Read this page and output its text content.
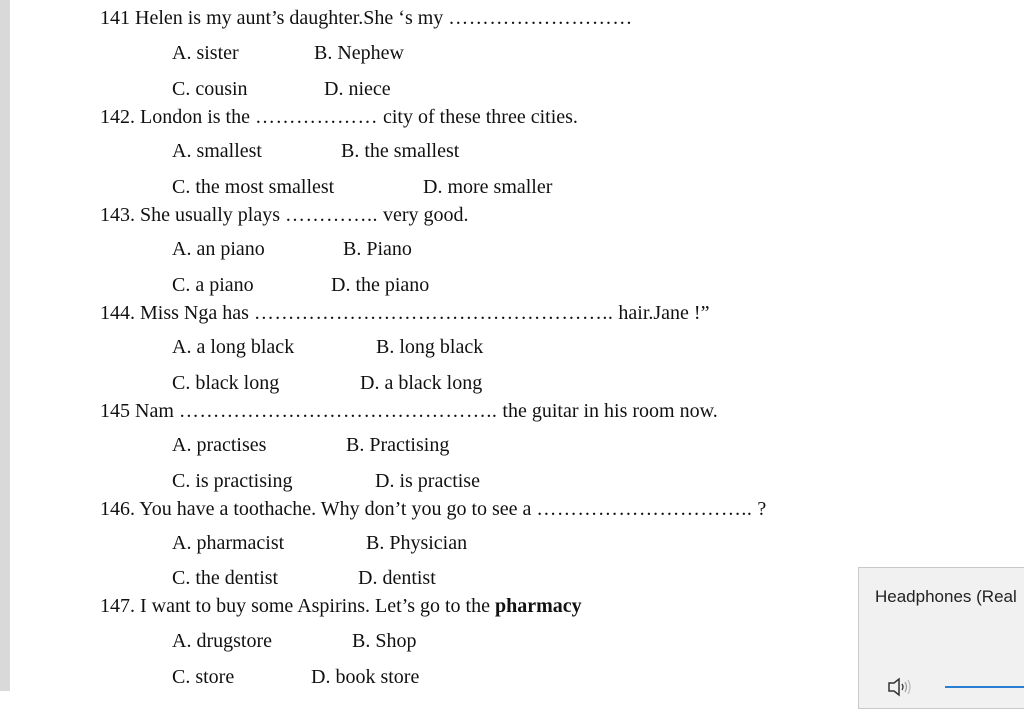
141 Helen is my aunt’s daughter.She ‘s my ………………………
A. sister	B. Nephew
C. cousin	D. niece
142. London is the ……………… city of these three cities.
A. smallest	B. the smallest
C. the most smallest	D. more smaller
143. She usually plays ………….. very good.
A. an piano	B. Piano
C. a piano	D. the piano
144. Miss Nga has …………………………………………….. hair.Jane !”
A. a long black	B. long black
C. black long	D. a black long
145 Nam ……………………………………….. the guitar in his room now.
A. practises	B. Practising
C. is practising	D. is practise
146. You have a toothache. Why don’t you go to see a ………………………….. ?
A. pharmacist	B. Physician
C. the dentist	D. dentist
147. I want to buy some Aspirins. Let’s go to the pharmacy
A. drugstore	B. Shop
C. store	D. book store
Headphones (Real
